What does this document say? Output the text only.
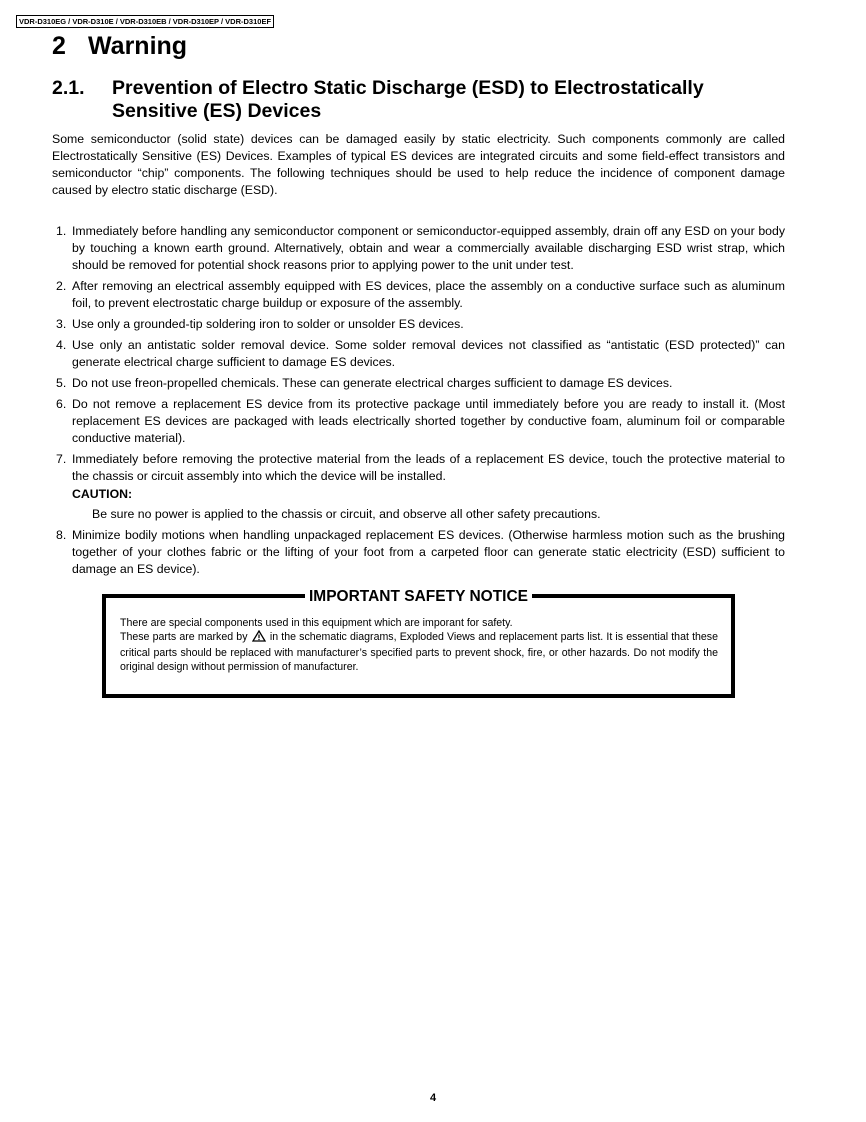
VDR-D310EG / VDR-D310E / VDR-D310EB / VDR-D310EP / VDR-D310EF
2 Warning
2.1. Prevention of Electro Static Discharge (ESD) to Electrostatically Sensitive (ES) Devices

Some semiconductor (solid state) devices can be damaged easily by static electricity. Such components commonly are called Electrostatically Sensitive (ES) Devices. Examples of typical ES devices are integrated circuits and some field-effect transistors and semiconductor “chip” components. The following techniques should be used to help reduce the incidence of component damage caused by electro static discharge (ESD).

1. Immediately before handling any semiconductor component or semiconductor-equipped assembly, drain off any ESD on your body by touching a known earth ground. Alternatively, obtain and wear a commercially available discharging ESD wrist strap, which should be removed for potential shock reasons prior to applying power to the unit under test.
2. After removing an electrical assembly equipped with ES devices, place the assembly on a conductive surface such as aluminum foil, to prevent electrostatic charge buildup or exposure of the assembly.
3. Use only a grounded-tip soldering iron to solder or unsolder ES devices.
4. Use only an antistatic solder removal device. Some solder removal devices not classified as “antistatic (ESD protected)” can generate electrical charge sufficient to damage ES devices.
5. Do not use freon-propelled chemicals. These can generate electrical charges sufficient to damage ES devices.
6. Do not remove a replacement ES device from its protective package until immediately before you are ready to install it. (Most replacement ES devices are packaged with leads electrically shorted together by conductive foam, aluminum foil or comparable conductive material).
7. Immediately before removing the protective material from the leads of a replacement ES device, touch the protective material to the chassis or circuit assembly into which the device will be installed.
CAUTION:
Be sure no power is applied to the chassis or circuit, and observe all other safety precautions.
8. Minimize bodily motions when handling unpackaged replacement ES devices. (Otherwise harmless motion such as the brushing together of your clothes fabric or the lifting of your foot from a carpeted floor can generate static electricity (ESD) sufficient to damage an ES device).
IMPORTANT SAFETY NOTICE
There are special components used in this equipment which are imporant for safety.
These parts are marked by in the schematic diagrams, Exploded Views and replacement parts list. It is essential that these critical parts should be replaced with manufacturer’s specified parts to prevent shock, fire, or other hazards. Do not modify the original design without permission of manufacturer.
4
